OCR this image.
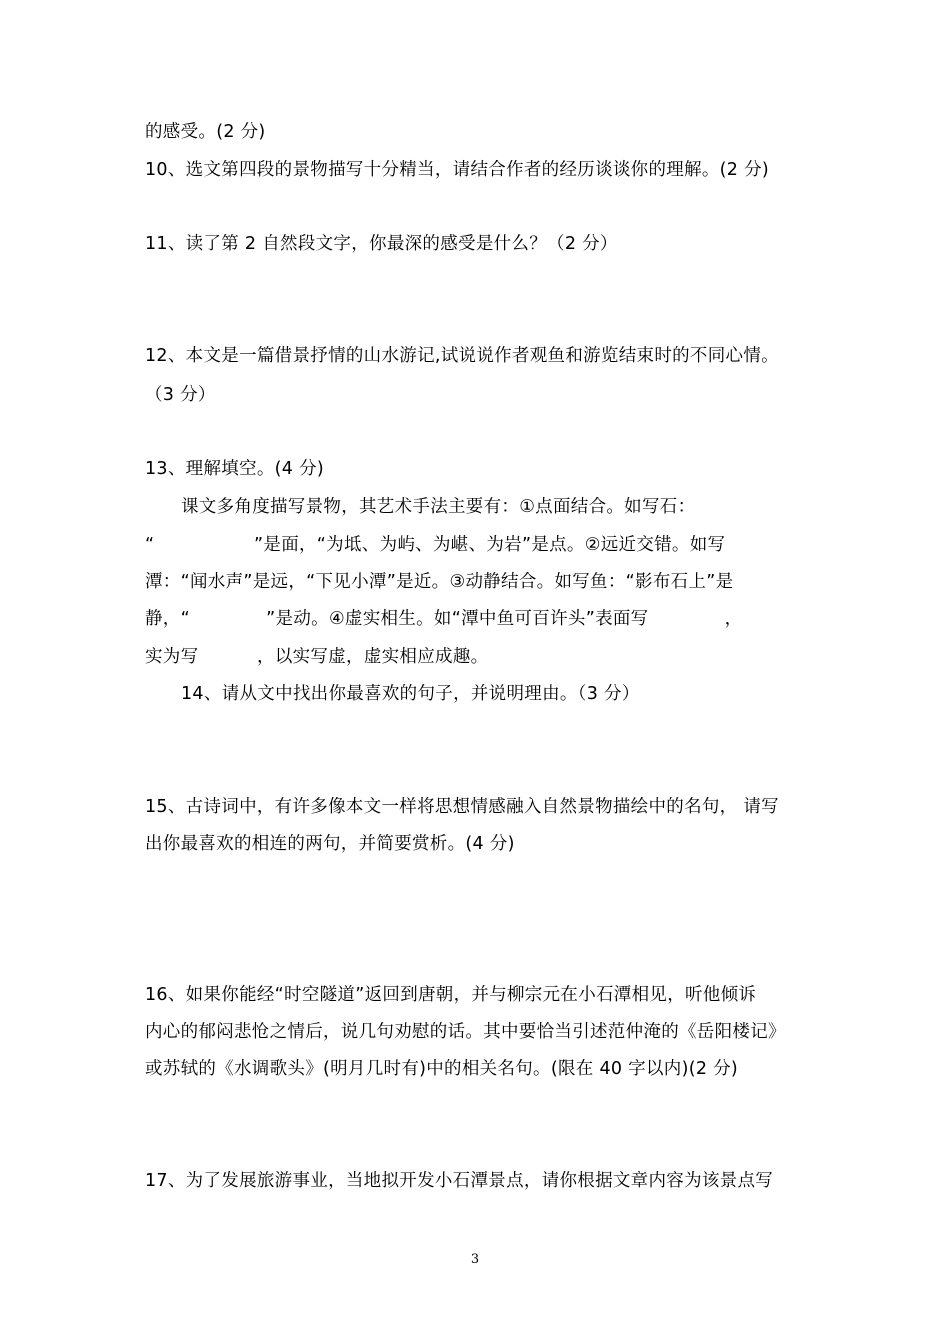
的感受。(2 分)
10、选文第四段的景物描写十分精当，请结合作者的经历谈谈你的理解。(2 分)
11、读了第 2 自然段文字，你最深的感受是什么？（2 分）
12、本文是一篇借景抒情的山水游记,试说说作者观鱼和游览结束时的不同心情。
（3 分）
13、理解填空。(4 分)
课文多角度描写景物，其艺术手法主要有：①点面结合。如写石：
“                 ”是面，“为坻、为屿、为嵁、为岩”是点。②远近交错。如写
潭：“闻水声”是远，“下见小潭”是近。③动静结合。如写鱼：“影布石上”是
静，“             ”是动。④虚实相生。如“潭中鱼可百许头”表面写             ，
实为写          ，以实写虚，虚实相应成趣。
14、请从文中找出你最喜欢的句子，并说明理由。（3 分）
15、古诗词中，有许多像本文一样将思想情感融入自然景物描绘中的名句， 请写
出你最喜欢的相连的两句，并简要赏析。(4 分)
16、如果你能经“时空隧道”返回到唐朝，并与柳宗元在小石潭相见，听他倾诉
内心的郁闷悲怆之情后，说几句劝慰的话。其中要恰当引述范仲淹的《岳阳楼记》
或苏轼的《水调歌头》(明月几时有)中的相关名句。(限在 40 字以内)(2 分)
17、为了发展旅游事业，当地拟开发小石潭景点，请你根据文章内容为该景点写
3
